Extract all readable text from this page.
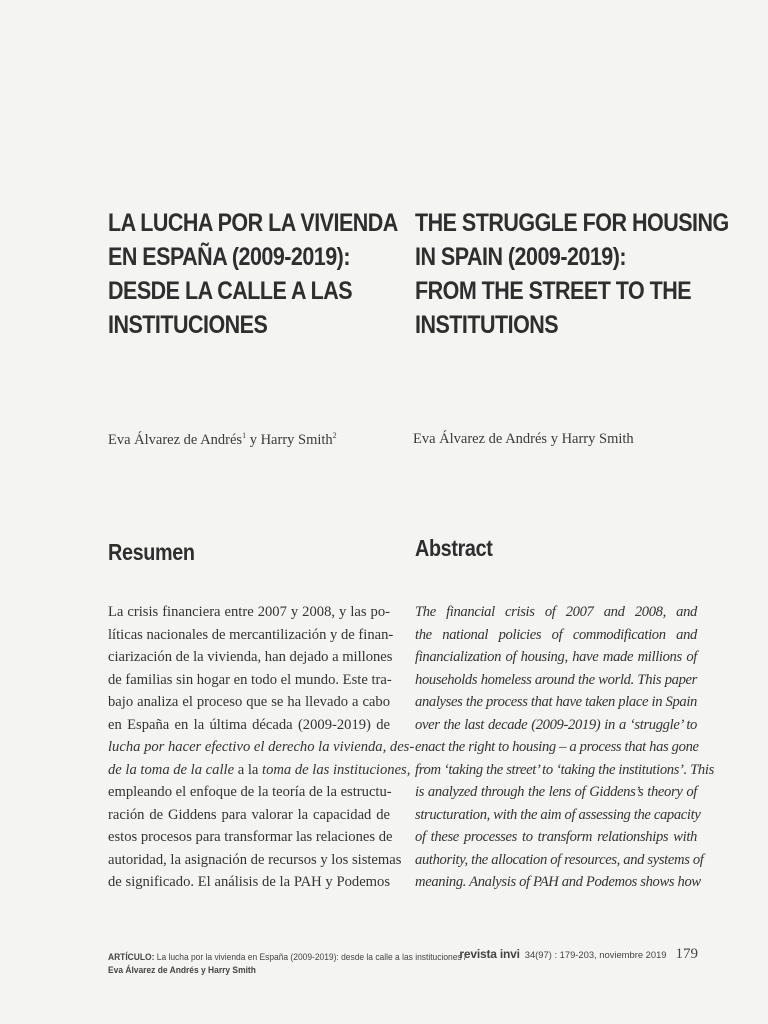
LA LUCHA POR LA VIVIENDA
EN ESPAÑA (2009-2019):
DESDE LA CALLE A LAS
INSTITUCIONES
Eva Álvarez de Andrés$^1$ y Harry Smith$^2$
Resumen

La crisis financiera entre 2007 y 2008, y las po-
líticas nacionales de mercantilización y de finan-
ciarización de la vivienda, han dejado a millones
de familias sin hogar en todo el mundo. Este tra-
bajo analiza el proceso que se ha llevado a cabo
en España en la última década (2009-2019) de
lucha por hacer efectivo el derecho la vivienda, des-
de la toma de la calle a la toma de las instituciones,
empleando el enfoque de la teoría de la estructu-
ración de Giddens para valorar la capacidad de
estos procesos para transformar las relaciones de
autoridad, la asignación de recursos y los sistemas
de significado. El análisis de la PAH y Podemos

THE STRUGGLE FOR HOUSING
IN SPAIN (2009-2019):
FROM THE STREET TO THE
INSTITUTIONS
Eva Álvarez de Andrés y Harry Smith
Abstract

The financial crisis of 2007 and 2008, and
the national policies of commodification and
financialization of housing, have made millions of
households homeless around the world. This paper
analyses the process that have taken place in Spain
over the last decade (2009-2019) in a ‘struggle’ to
enact the right to housing – a process that has gone
from ‘taking the street’ to ‘taking the institutions’. This
is analyzed through the lens of Giddens’s theory of
structuration, with the aim of assessing the capacity
of these processes to transform relationships with
authority, the allocation of resources, and systems of
meaning. Analysis of PAH and Podemos shows how

ARTÍCULO: La lucha por la vivienda en España (2009-2019): desde la calle a las instituciones /
Eva Álvarez de Andrés y Harry Smith
revista invi 34(97) : 179-203, noviembre 2019 179
